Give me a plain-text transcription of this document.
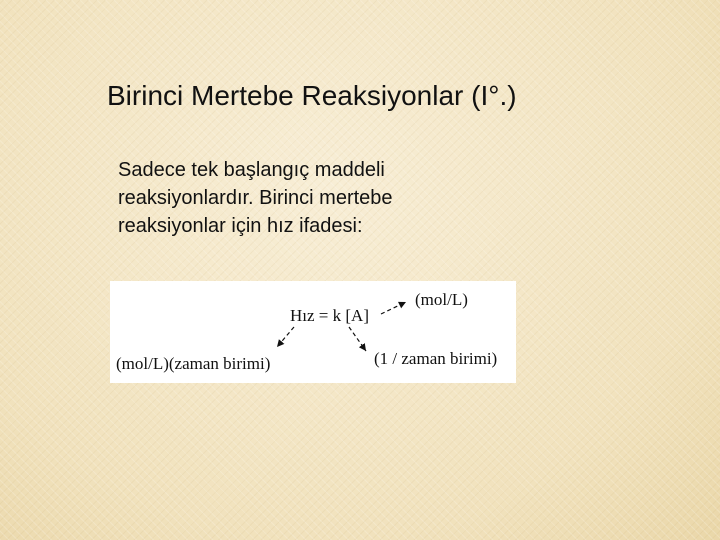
Birinci Mertebe Reaksiyonlar (I°.)
Sadece tek başlangıç maddeli
reaksiyonlardır. Birinci mertebe
reaksiyonlar için hız ifadesi:
Hız = k [A]
(mol/L)
(mol/L)(zaman birimi)	(1 / zaman birimi)
